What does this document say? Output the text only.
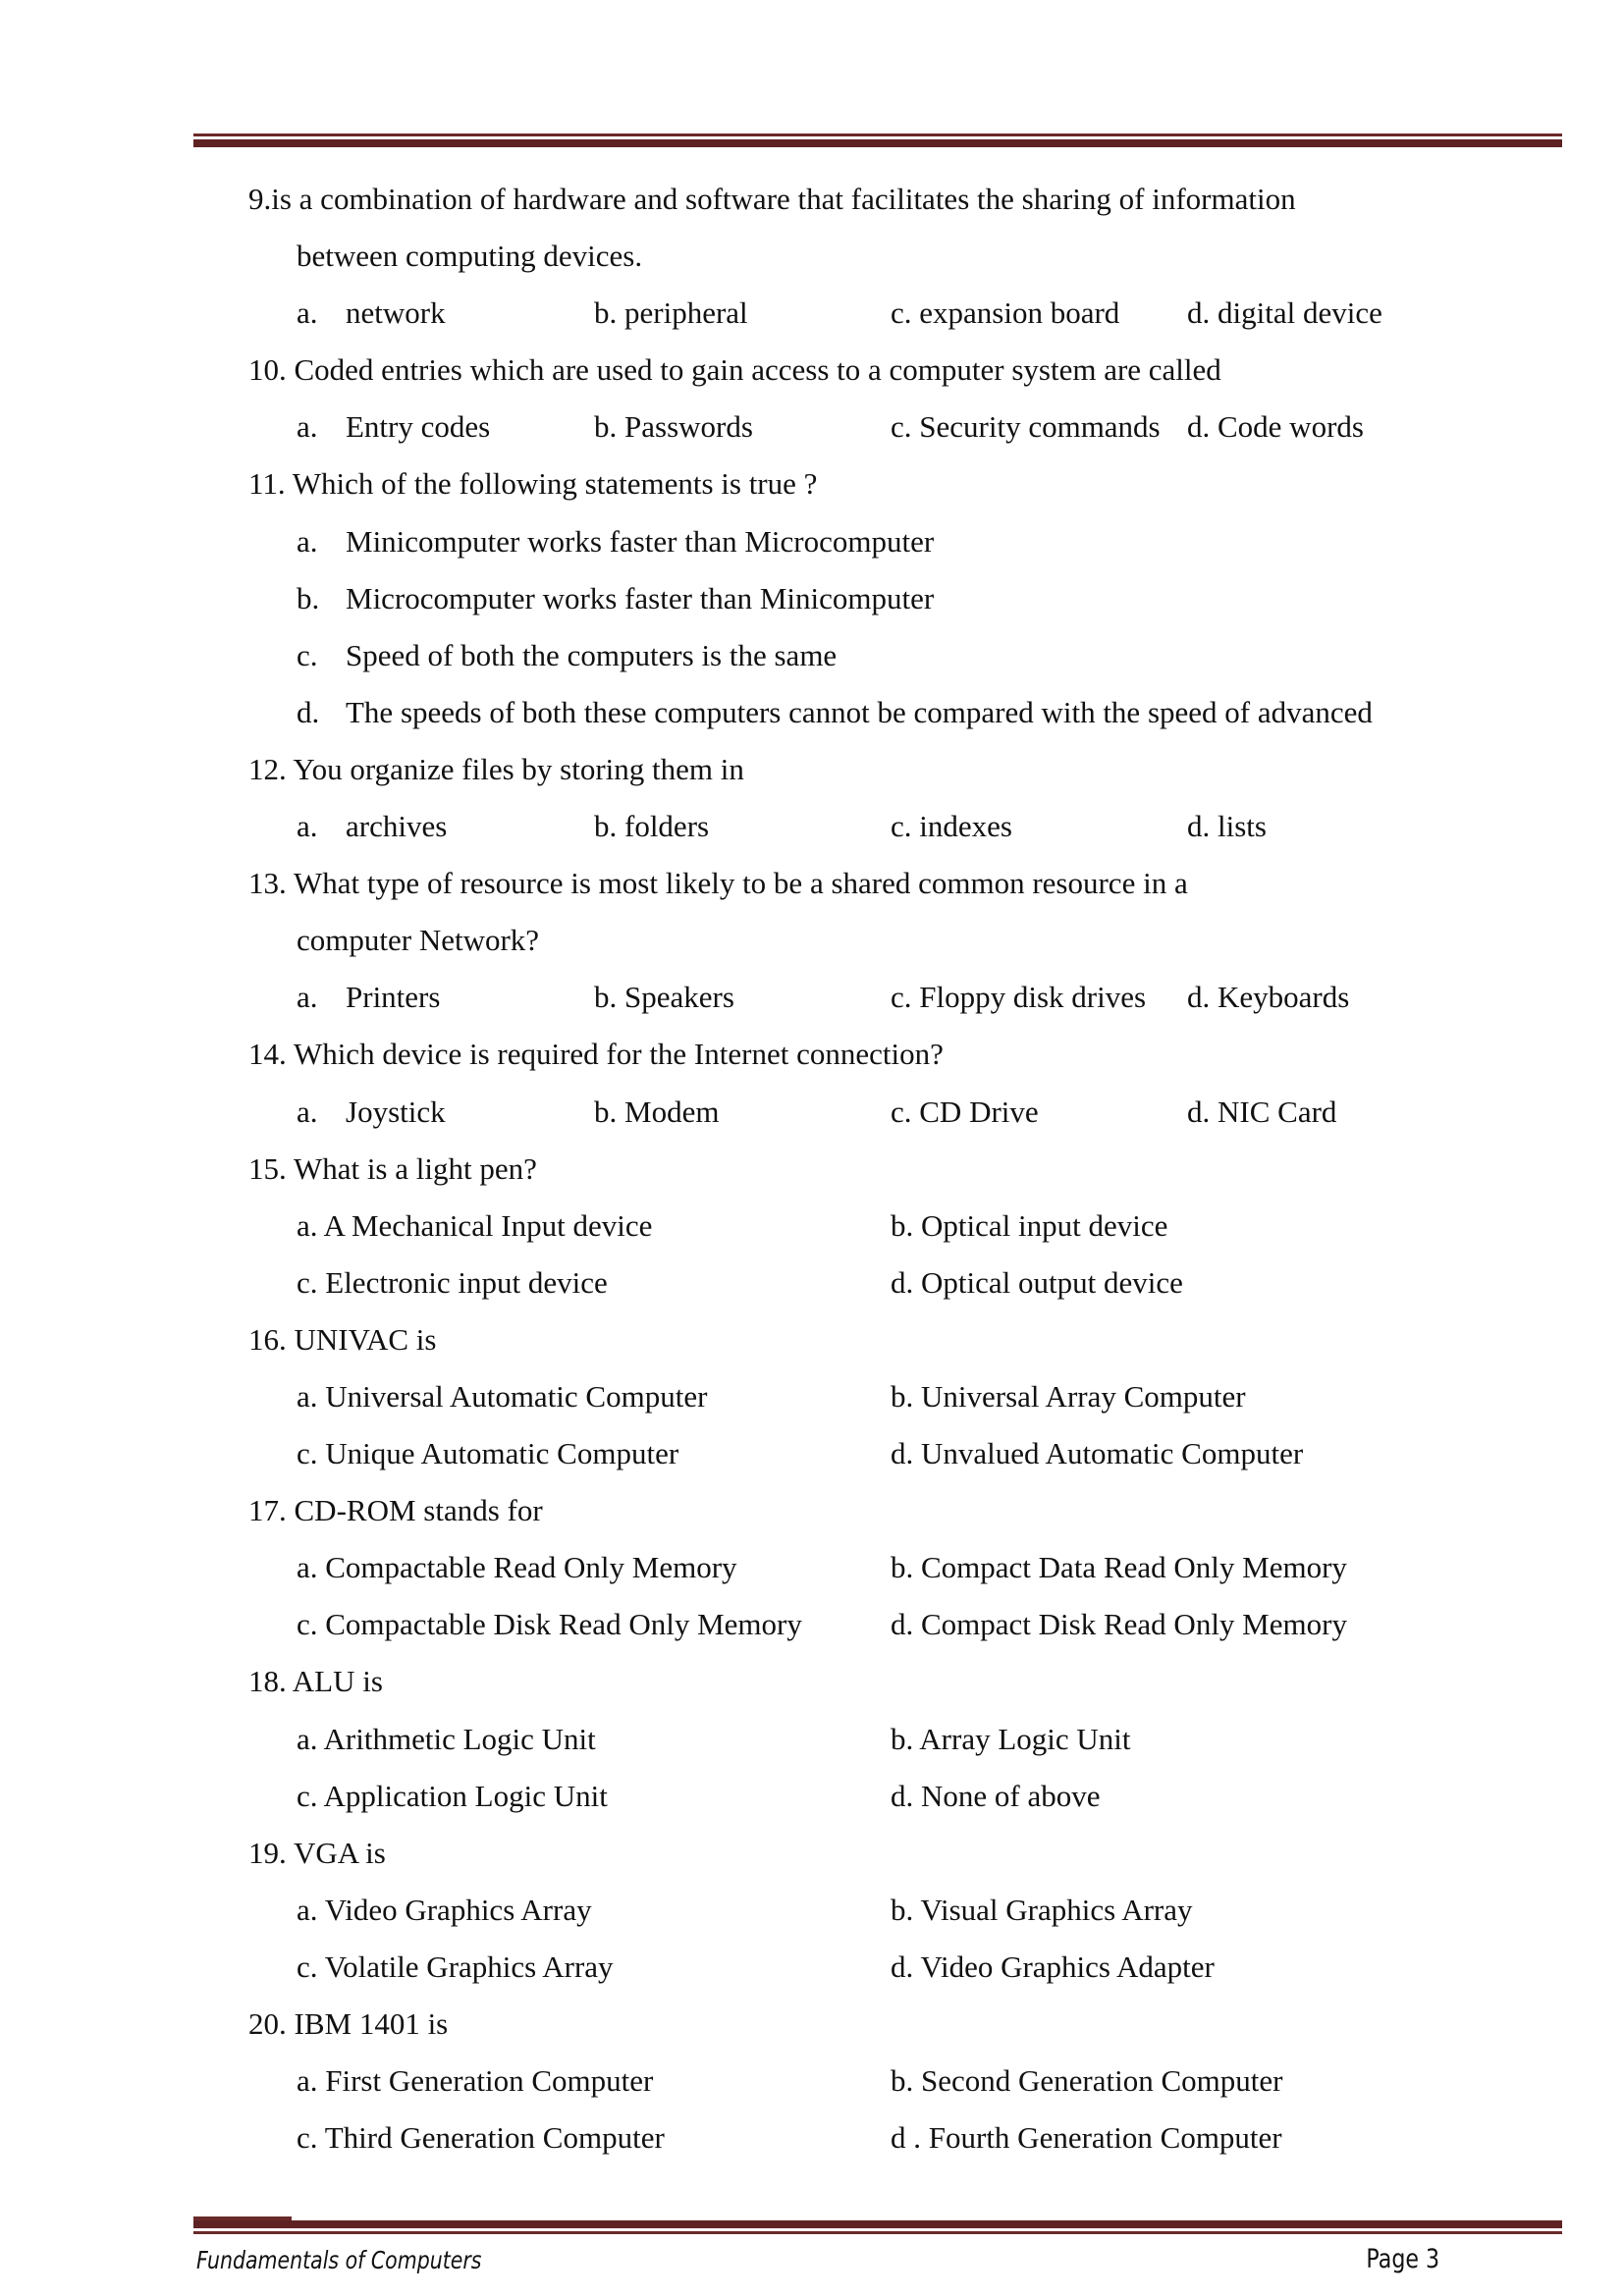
9.is a combination of hardware and software that facilitates the sharing of information
between computing devices.
a. network	b. peripheral	c. expansion board d. digital device
10. Coded entries which are used to gain access to a computer system are called
a. Entry codes	b. Passwords	c. Security commands d. Code words
11. Which of the following statements is true ?
a. Minicomputer works faster than Microcomputer
b. Microcomputer works faster than Minicomputer
c. Speed of both the computers is the same
d. The speeds of both these computers cannot be compared with the speed of advanced
12. You organize files by storing them in
a. archives	b. folders	c. indexes	d. lists
13. What type of resource is most likely to be a shared common resource in a
computer Network?
a. Printers	b. Speakers	c. Floppy disk drives d. Keyboards
14. Which device is required for the Internet connection?
a. Joystick	b. Modem	c. CD Drive	d. NIC Card
15. What is a light pen?
a. A Mechanical Input device	b. Optical input device
c. Electronic input device	d. Optical output device
16. UNIVAC is
a. Universal Automatic Computer	b. Universal Array Computer
c. Unique Automatic Computer	d. Unvalued Automatic Computer
17. CD-ROM stands for
a. Compactable Read Only Memory	b. Compact Data Read Only Memory
c. Compactable Disk Read Only Memory	d. Compact Disk Read Only Memory
18. ALU is
a. Arithmetic Logic Unit	b. Array Logic Unit
c. Application Logic Unit	d. None of above
19. VGA is
a. Video Graphics Array	b. Visual Graphics Array
c. Volatile Graphics Array	d. Video Graphics Adapter
20. IBM 1401 is
a. First Generation Computer	b. Second Generation Computer
c. Third Generation Computer	d . Fourth Generation Computer
Fundamentals of Computers	Page 3
